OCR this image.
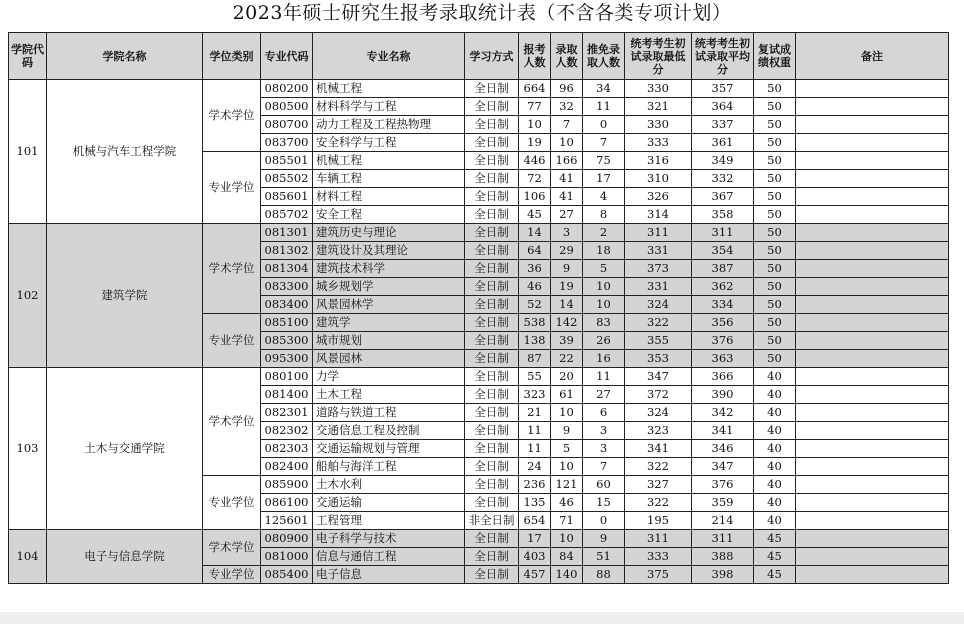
2023年硕士研究生报考录取统计表（不含各类专项计划）
学院代码	学院名称	学位类别	专业代码	专业名称	学习方式	报考人数	录取人数	推免录取人数	统考考生初试录取最低分	统考考生初试录取平均分	复试成绩权重	备注
101	机械与汽车工程学院	学术学位	080200	机械工程	全日制	664	96	34	330	357	50	
			080500	材料科学与工程	全日制	77	32	11	321	364	50	
			080700	动力工程及工程热物理	全日制	10	7	0	330	337	50	
			083700	安全科学与工程	全日制	19	10	7	333	361	50	
		专业学位	085501	机械工程	全日制	446	166	75	316	349	50	
			085502	车辆工程	全日制	72	41	17	310	332	50	
			085601	材料工程	全日制	106	41	4	326	367	50	
			085702	安全工程	全日制	45	27	8	314	358	50	
102	建筑学院	学术学位	081301	建筑历史与理论	全日制	14	3	2	311	311	50	
			081302	建筑设计及其理论	全日制	64	29	18	331	354	50	
			081304	建筑技术科学	全日制	36	9	5	373	387	50	
			083300	城乡规划学	全日制	46	19	10	331	362	50	
			083400	风景园林学	全日制	52	14	10	324	334	50	
		专业学位	085100	建筑学	全日制	538	142	83	322	356	50	
			085300	城市规划	全日制	138	39	26	355	376	50	
			095300	风景园林	全日制	87	22	16	353	363	50	
103	土木与交通学院	学术学位	080100	力学	全日制	55	20	11	347	366	40	
			081400	土木工程	全日制	323	61	27	372	390	40	
			082301	道路与铁道工程	全日制	21	10	6	324	342	40	
			082302	交通信息工程及控制	全日制	11	9	3	323	341	40	
			082303	交通运输规划与管理	全日制	11	5	3	341	346	40	
			082400	船舶与海洋工程	全日制	24	10	7	322	347	40	
		专业学位	085900	土木水利	全日制	236	121	60	327	376	40	
			086100	交通运输	全日制	135	46	15	322	359	40	
			125601	工程管理	非全日制	654	71	0	195	214	40	
104	电子与信息学院	学术学位	080900	电子科学与技术	全日制	17	10	9	311	311	45	
			081000	信息与通信工程	全日制	403	84	51	333	388	45	
		专业学位	085400	电子信息	全日制	457	140	88	375	398	45	
